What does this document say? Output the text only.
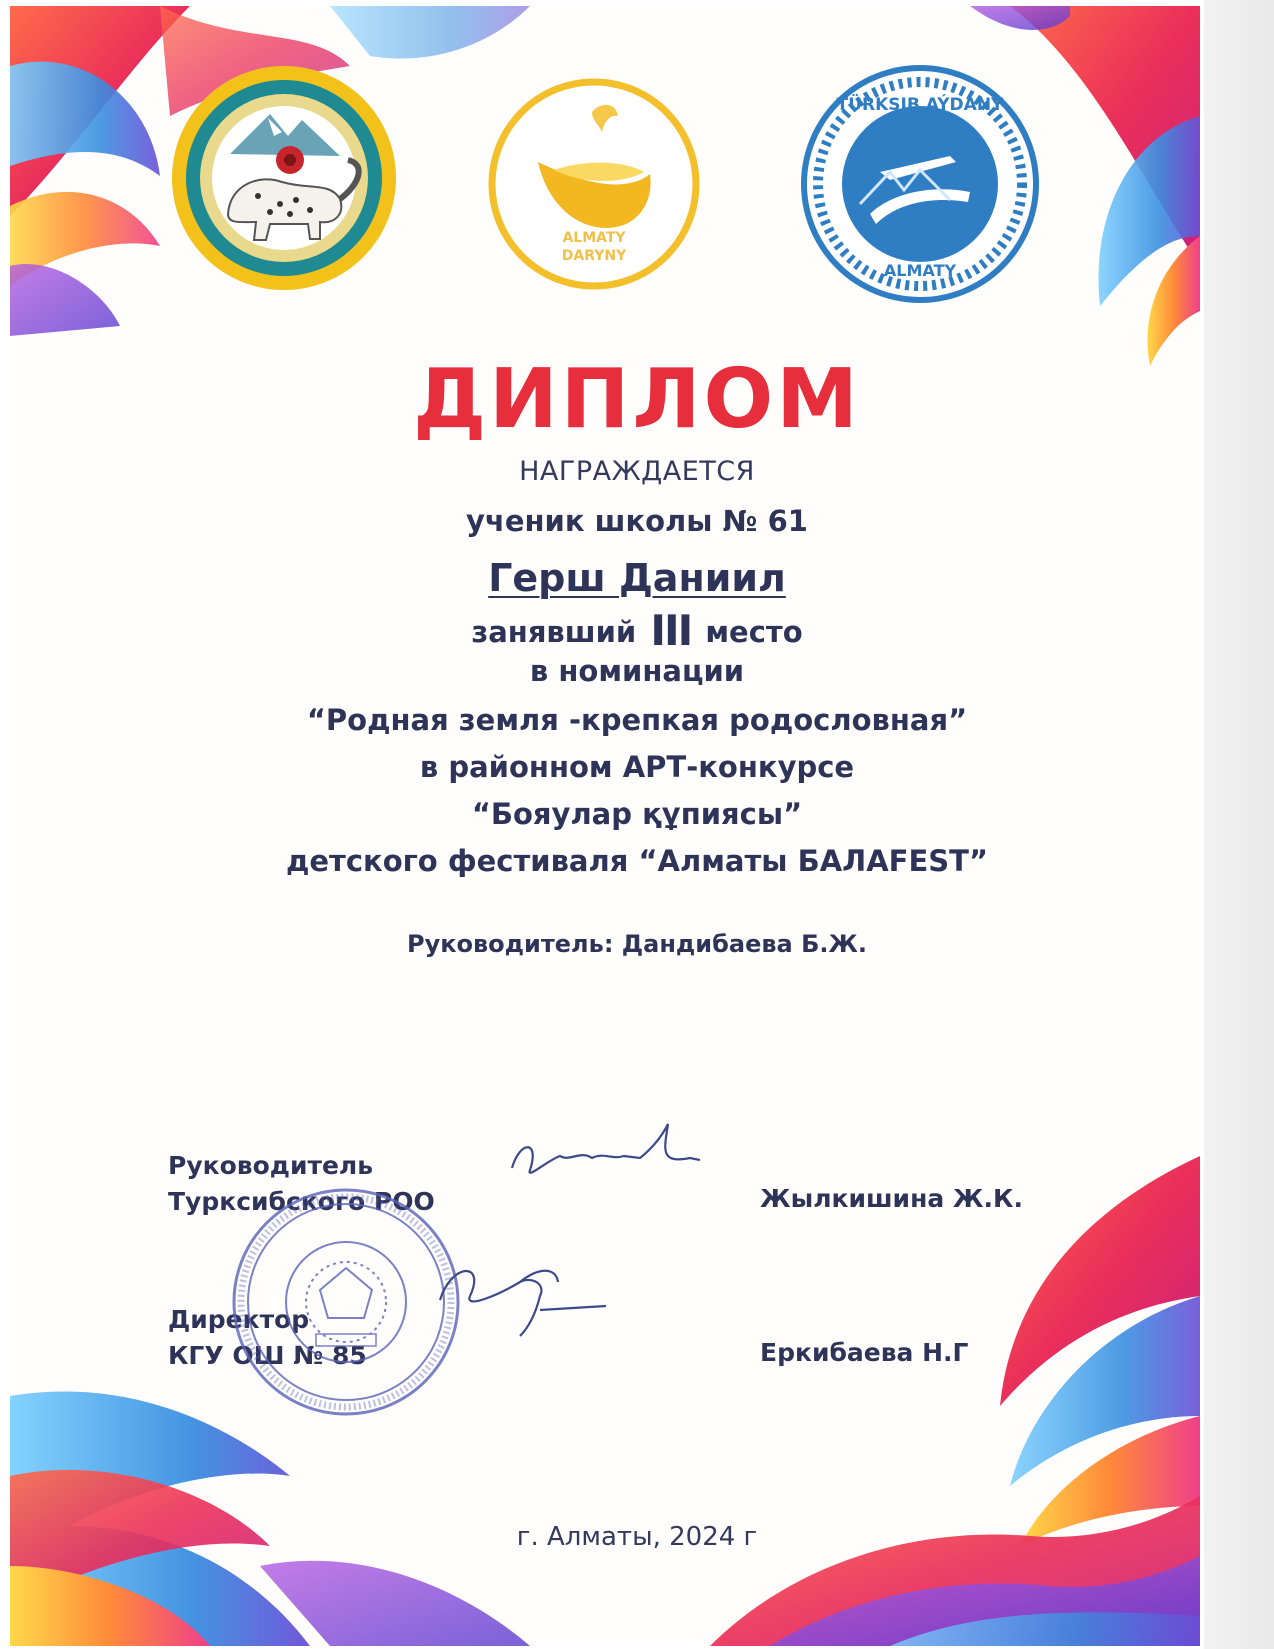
ALMATY
DARYNY
TÜRKSIB AÝDANY
ALMATY
ДИПЛОМ
НАГРАЖДАЕТСЯ
ученик школы № 61
Герш Даниил
занявший III место
в номинации
“Родная земля -крепкая родословная”
в районном АРТ-конкурсе
“Бояулар құпиясы”
детского фестиваля “Алматы БАЛАFEST”
Руководитель: Дандибаева Б.Ж.
Руководитель
Турксибского РОО	Жылкишина Ж.К.
Директор
КГУ ОШ № 85	Еркибаева Н.Г
г. Алматы, 2024 г
